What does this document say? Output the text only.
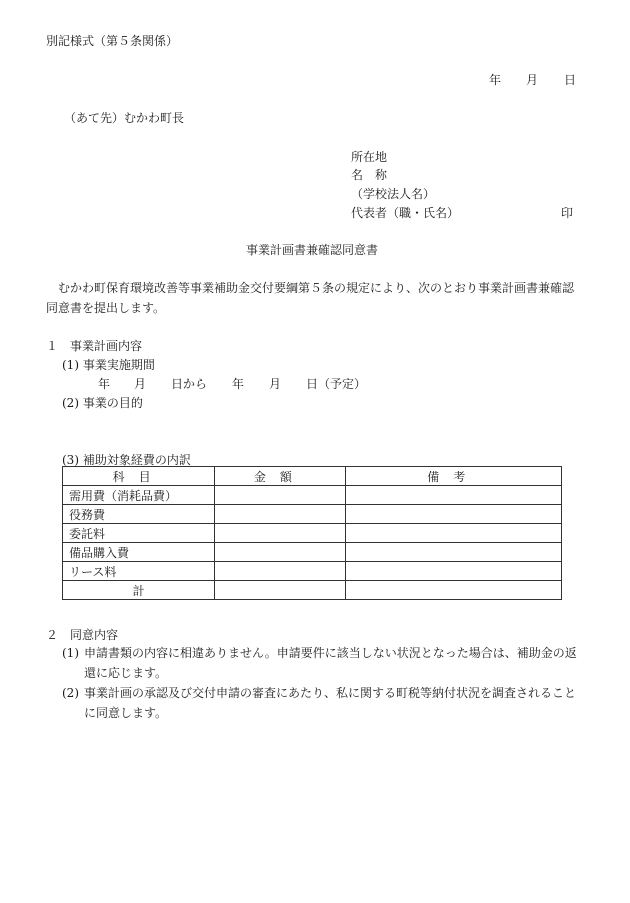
別記様式（第５条関係）
年 月 日
（あて先）むかわ町長
所在地
名　称
（学校法人名）
代表者（職・氏名）	印
事業計画書兼確認同意書
むかわ町保育環境改善等事業補助金交付要綱第５条の規定により、次のとおり事業計画書兼確認同意書を提出します。
１　事業計画内容
(1) 事業実施期間
年 月 日から 年 月 日（予定）
(2) 事業の目的
(3) 補助対象経費の内訳
科目	金額	備考
需用費（消耗品費）		
役務費		
委託料		
備品購入費		
リース料		
計		
２　同意内容
(1) 申請書類の内容に相違ありません。申請要件に該当しない状況となった場合は、補助金の返還に応じます。
(2) 事業計画の承認及び交付申請の審査にあたり、私に関する町税等納付状況を調査されることに同意します。
